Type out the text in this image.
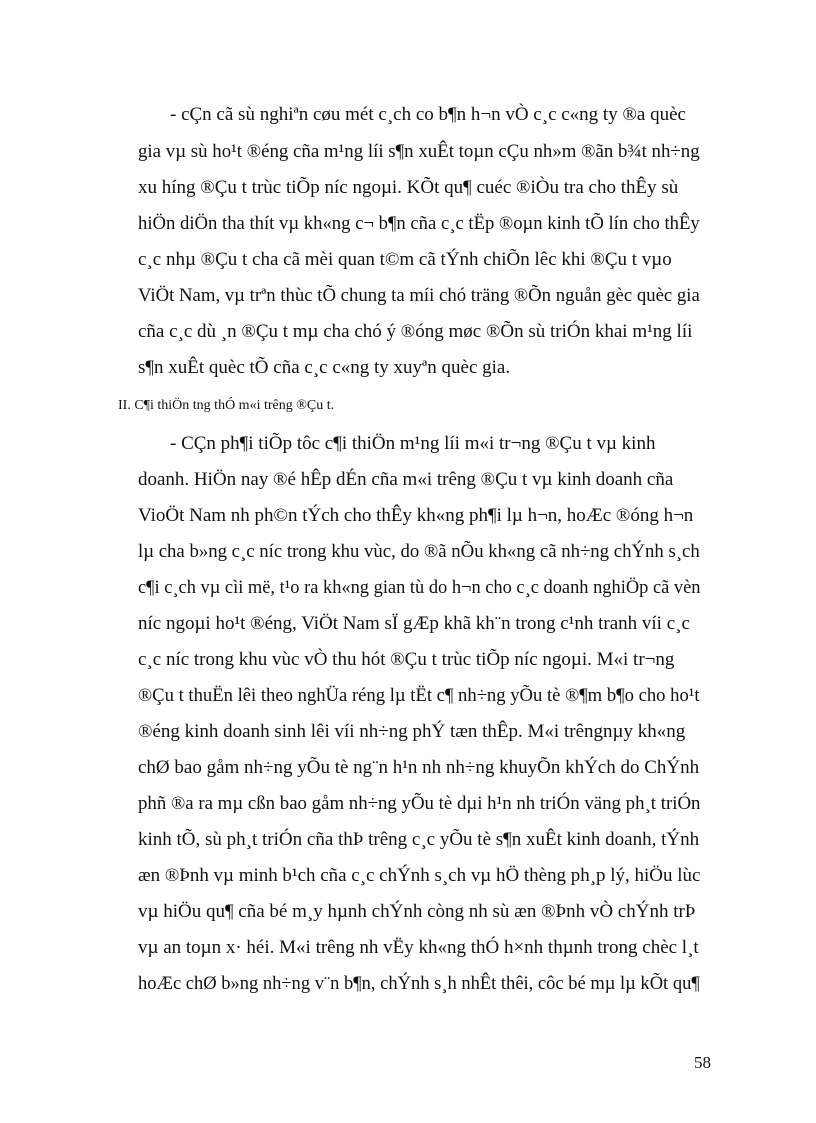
- cÇn cã sù nghiªn cøu mét c¸ch co b¶n h¬n vÒ c¸c c«ng ty ®a quèc
gia vµ sù ho¹t ®éng cña m¹ng líi s¶n xuÊt toµn cÇu nh»m ®ãn b¾t nh÷ng
xu híng ®Çu t trùc tiÕp níc ngoµi. KÕt qu¶ cuéc ®iÒu tra cho thÊy sù
hiÖn diÖn tha thít vµ kh«ng c¬ b¶n cña c¸c tËp ®oµn kinh tÕ lín cho thÊy
c¸c nhµ ®Çu t cha cã mèi quan t©m cã tÝnh chiÕn lêc khi ®Çu t vµo
ViÖt Nam, vµ trªn thùc tÕ chung ta míi chó träng ®Õn nguån gèc quèc gia
cña c¸c dù ¸n ®Çu t mµ cha chó ý ®óng møc ®Õn sù triÓn khai m¹ng líi
s¶n xuÊt quèc tÕ cña c¸c c«ng ty xuyªn quèc gia.
II. C¶i thiÖn tng thÓ m«i trêng ®Çu t.
- CÇn ph¶i tiÕp tôc c¶i thiÖn m¹ng líi m«i tr¬ng ®Çu t vµ kinh
doanh. HiÖn nay ®é hÊp dÉn cña m«i trêng ®Çu t vµ kinh doanh cña
VioÖt Nam nh ph©n tÝch cho thÊy kh«ng ph¶i lµ h¬n, hoÆc ®óng h¬n
lµ cha b»ng c¸c níc trong khu vùc, do ®ã nÕu kh«ng cã nh÷ng chÝnh s¸ch
c¶i c¸ch vµ cìi më, t¹o ra kh«ng gian tù do h¬n cho c¸c doanh nghiÖp cã vèn
níc ngoµi ho¹t ®éng, ViÖt Nam sÏ gÆp khã kh¨n trong c¹nh tranh víi c¸c
c¸c níc trong khu vùc vÒ thu hót ®Çu t trùc tiÕp níc ngoµi. M«i tr¬ng
®Çu t thuËn lêi theo nghÜa réng lµ tËt c¶ nh÷ng yÕu tè ®¶m b¶o cho ho¹t
®éng kinh doanh sinh lêi víi nh÷ng phÝ tæn thÊp. M«i trêngnµy kh«ng
chØ bao gåm nh÷ng yÕu tè ng¨n h¹n nh nh÷ng khuyÕn khÝch do ChÝnh
phñ ®a ra mµ cßn bao gåm nh÷ng yÕu tè dµi h¹n nh triÓn väng ph¸t triÓn
kinh tÕ, sù ph¸t triÓn cña thÞ trêng c¸c yÕu tè s¶n xuÊt kinh doanh, tÝnh
æn ®Þnh vµ minh b¹ch cña c¸c chÝnh s¸ch vµ hÖ thèng ph¸p lý, hiÖu lùc
vµ hiÖu qu¶ cña bé m¸y hµnh chÝnh còng nh sù æn ®Þnh vÒ chÝnh trÞ
vµ an toµn x· héi. M«i trêng nh vËy kh«ng thÓ h×nh thµnh trong chèc l¸t
hoÆc chØ b»ng nh÷ng v¨n b¶n, chÝnh s¸h nhÊt thêi, côc bé mµ lµ kÕt qu¶
58
